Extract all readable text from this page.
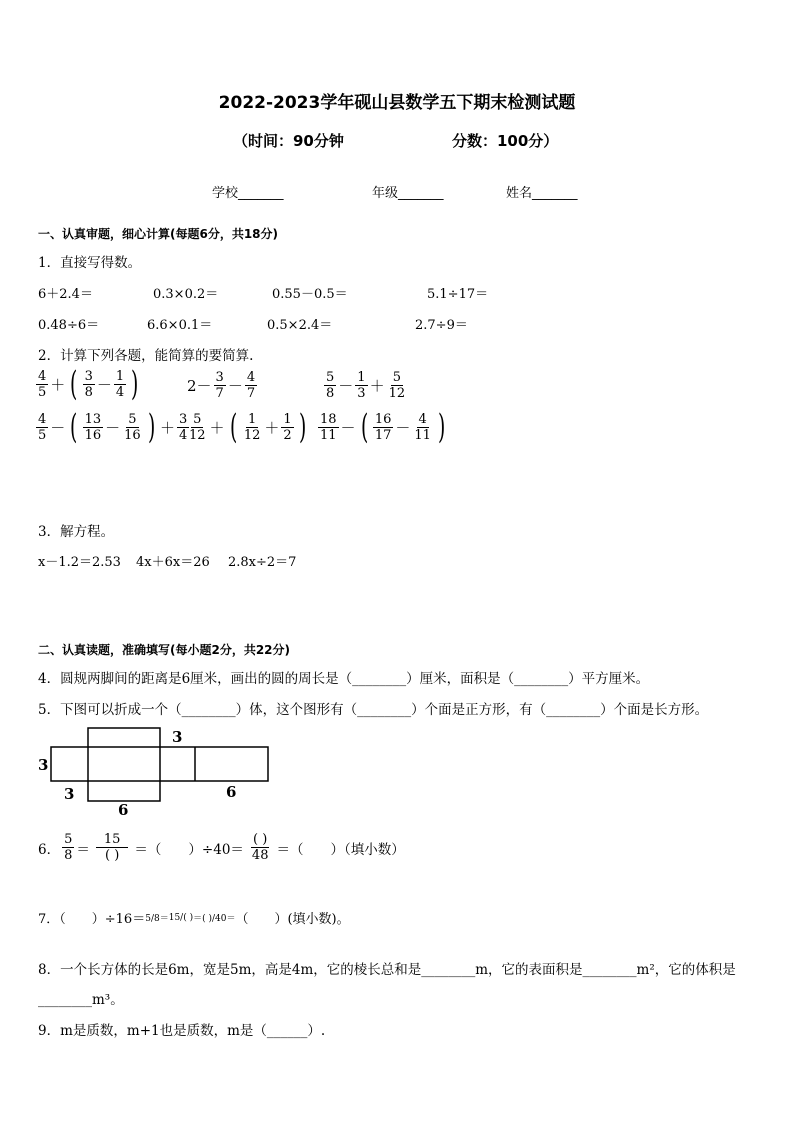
2022-2023学年砚山县数学五下期末检测试题
（时间：90分钟	分数：100分）
学校_______	年级_______	姓名_______
一、认真审题，细心计算(每题6分，共18分)
1．直接写得数。
6＋2.4＝	0.3×0.2＝	0.55－0.5＝	5.1÷17＝
0.48÷6＝	6.6×0.1＝	0.5×2.4＝	2.7÷9＝
2．计算下列各题，能简算的要简算.
$\frac{4}{5}$ ＋ ( $\frac{3}{8} - \frac{1}{4}$ )	$2- \frac{3}{7} - \frac{4}{7}$	$\frac{5}{8} - \frac{1}{3} + \frac{5}{12}$
$\frac{4}{5}$ － ( $\frac{13}{16} - \frac{5}{16}$ ) ＋ $\frac{3}{4}$
$\frac{5}{12}$ ＋ ( $\frac{1}{12} + \frac{1}{2}$ ) $\frac{18}{11}$ － ( $\frac{16}{17} - \frac{4}{11}$ )
3．解方程。
x－1.2＝2.53 4x＋6x＝26 2.8x÷2＝7
二、认真读题，准确填写(每小题2分，共22分)
4．圆规两脚间的距离是6厘米，画出的圆的周长是（________）厘米，面积是（________）平方厘米。
5．下图可以折成一个（________）体，这个图形有（________）个面是正方形，有（________）个面是长方形。
3
3
3
6
6
6． $\frac{5}{8} = \frac{15}{( )}$ ＝（　　）$\div 40= \frac{( )}{48}$ ＝（　　）（填小数）
7．（　　）÷16＝ 5/8＝ 15/( ) ＝( )/40＝ （　　）(填小数)。
8．一个长方体的长是6m，宽是5m，高是4m，它的棱长总和是________m，它的表面积是________m²，它的体积是
________m³。
9．m是质数，m+1也是质数，m是（______）.
